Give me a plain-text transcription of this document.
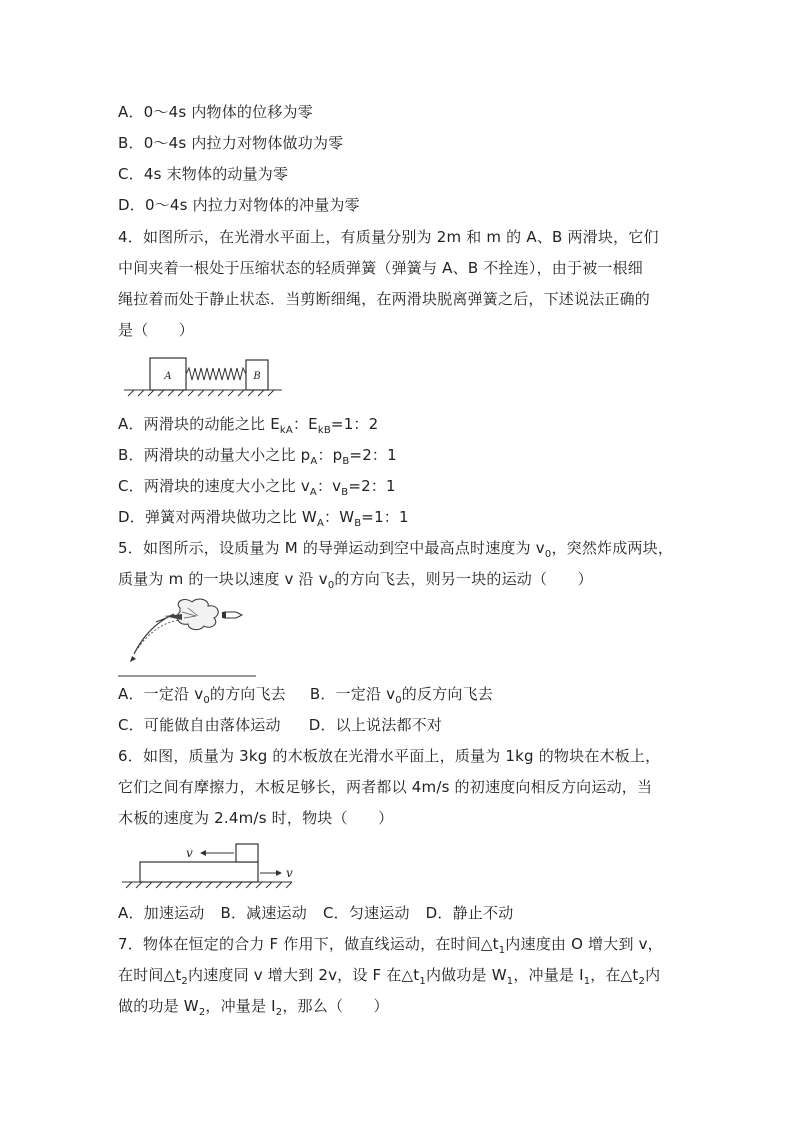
A．0～4s 内物体的位移为零
B．0～4s 内拉力对物体做功为零
C．4s 末物体的动量为零
D．0～4s 内拉力对物体的冲量为零
4．如图所示，在光滑水平面上，有质量分别为 2m 和 m 的 A、B 两滑块，它们
中间夹着一根处于压缩状态的轻质弹簧（弹簧与 A、B 不拴连），由于被一根细
绳拉着而处于静止状态．当剪断细绳，在两滑块脱离弹簧之后，下述说法正确的
是（　　）
A	B
A．两滑块的动能之比 $E_{kA}$：$E_{kB}=1$：2
B．两滑块的动量大小之比 $p_A$：$p_B=2$：1
C．两滑块的速度大小之比 $v_A$：$v_B=2$：1
D．弹簧对两滑块做功之比 $W_A$：$W_B=1$：1
5．如图所示，设质量为 M 的导弹运动到空中最高点时速度为 $v_0$，突然炸成两块，
质量为 m 的一块以速度 v 沿 $v_0$的方向飞去，则另一块的运动（　　）
A．一定沿 $v_0$的方向飞去 B．一定沿 $v_0$的反方向飞去
C．可能做自由落体运动 D．以上说法都不对
6．如图，质量为 3kg 的木板放在光滑水平面上，质量为 1kg 的物块在木板上，
它们之间有摩擦力，木板足够长，两者都以 4m/s 的初速度向相反方向运动，当
木板的速度为 2.4m/s 时，物块（　　）
v
v
A．加速运动 B．减速运动 C．匀速运动 D．静止不动
7．物体在恒定的合力 F 作用下，做直线运动，在时间$\triangle t_1$内速度由 O 增大到 v，
在时间$\triangle t_2$内速度同 v 增大到 2v，设 F 在$\triangle t_1$内做功是 $W_1$，冲量是 $I_1$，在$\triangle t_2$内
做的功是 $W_2$，冲量是 $I_2$，那么（　　）
